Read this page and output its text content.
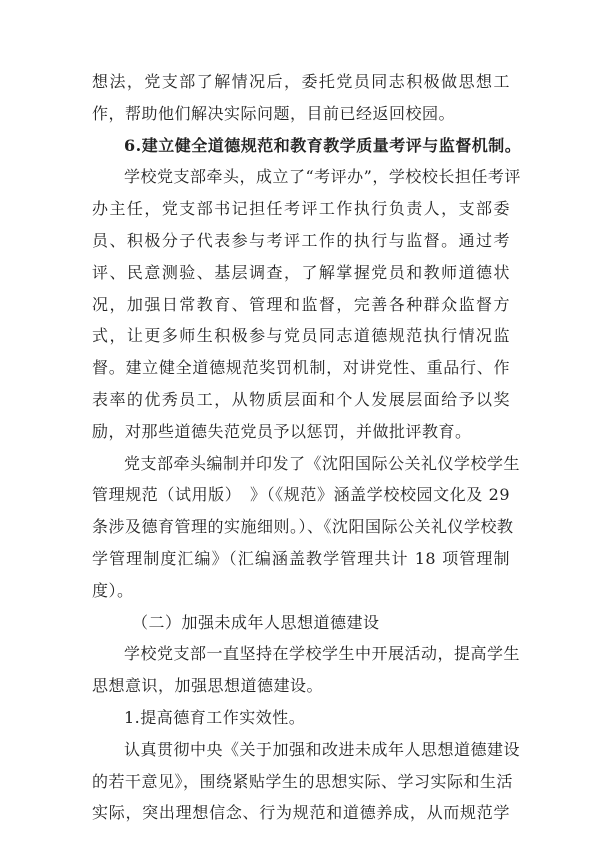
想法，党支部了解情况后，委托党员同志积极做思想工
作，帮助他们解决实际问题，目前已经返回校园。
6.建立健全道德规范和教育教学质量考评与监督机制。
学校党支部牵头，成立了“考评办”，学校校长担任考评
办主任，党支部书记担任考评工作执行负责人，支部委
员、积极分子代表参与考评工作的执行与监督。通过考
评、民意测验、基层调查，了解掌握党员和教师道德状
况，加强日常教育、管理和监督，完善各种群众监督方
式，让更多师生积极参与党员同志道德规范执行情况监
督。建立健全道德规范奖罚机制，对讲党性、重品行、作
表率的优秀员工，从物质层面和个人发展层面给予以奖
励，对那些道德失范党员予以惩罚，并做批评教育。
党支部牵头编制并印发了《沈阳国际公关礼仪学校学生
管理规范（试用版）　》（《规范》涵盖学校校园文化及 29
条涉及德育管理的实施细则。）、《沈阳国际公关礼仪学校教
学管理制度汇编》（汇编涵盖教学管理共计 18 项管理制
度）。
（二）加强未成年人思想道德建设
学校党支部一直坚持在学校学生中开展活动，提高学生
思想意识，加强思想道德建设。
1.提高德育工作实效性。
认真贯彻中央《关于加强和改进未成年人思想道德建设
的若干意见》，围绕紧贴学生的思想实际、学习实际和生活
实际，突出理想信念、行为规范和道德养成，从而规范学
